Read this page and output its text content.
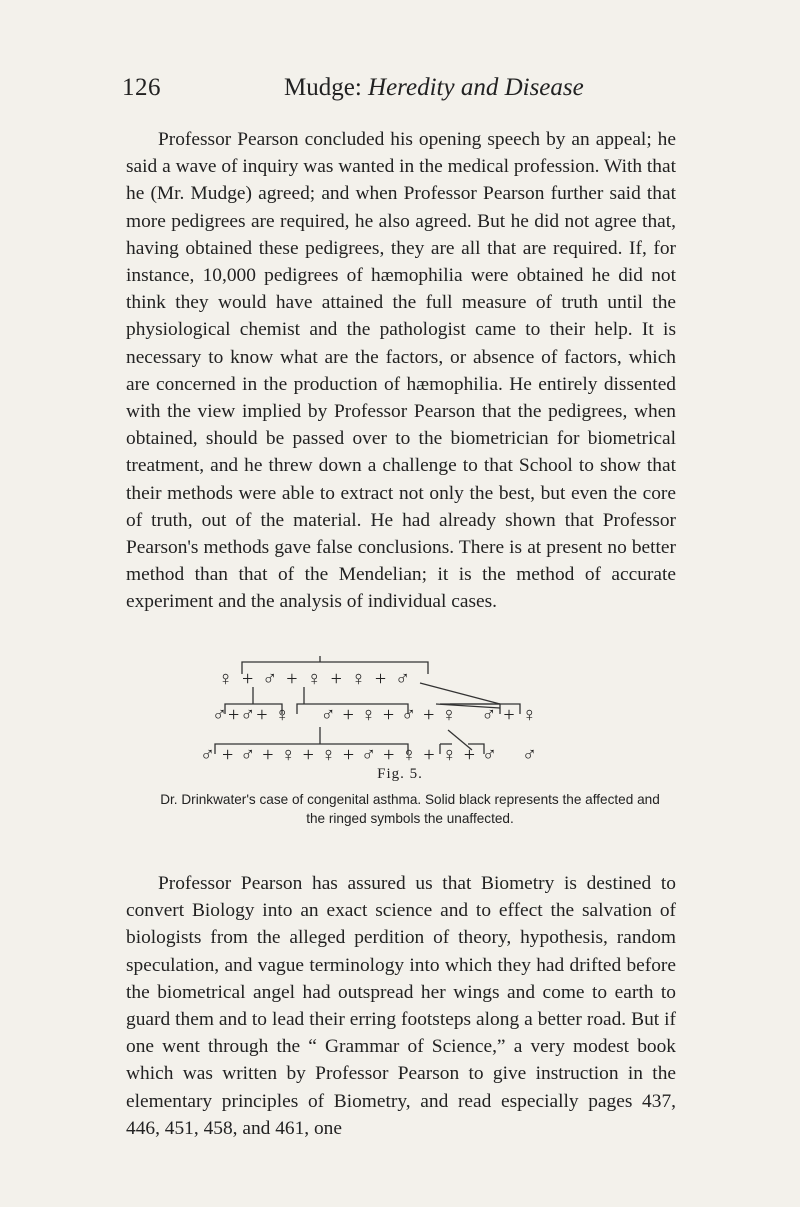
126	Mudge: Heredity and Disease

Professor Pearson concluded his opening speech by an appeal; he said a wave of inquiry was wanted in the medical profession. With that he (Mr. Mudge) agreed; and when Professor Pearson further said that more pedigrees are required, he also agreed. But he did not agree that, having obtained these pedigrees, they are all that are required. If, for instance, 10,000 pedigrees of hæmophilia were obtained he did not think they would have attained the full measure of truth until the physiological chemist and the pathologist came to their help. It is necessary to know what are the factors, or absence of factors, which are concerned in the production of hæmophilia. He entirely dissented with the view implied by Professor Pearson that the pedigrees, when obtained, should be passed over to the biometrician for biometrical treatment, and he threw down a challenge to that School to show that their methods were able to extract not only the best, but even the core of truth, out of the material. He had already shown that Professor Pearson's methods gave false conclusions. There is at present no better method than that of the Mendelian; it is the method of accurate experiment and the analysis of individual cases.

♀ + ♂ + ♀ + ♀ + ♂
♂+♂+ ♀ ♂ + ♀ + ♂ + ♀ ♂ + ♀
♂ + ♂ + ♀ + ♀ + ♂ + ♀ + ♀ + ♂ ♂
Fig. 5.
Dr. Drinkwater's case of congenital asthma. Solid black represents the affected and the ringed symbols the unaffected.

Professor Pearson has assured us that Biometry is destined to convert Biology into an exact science and to effect the salvation of biologists from the alleged perdition of theory, hypothesis, random speculation, and vague terminology into which they had drifted before the biometrical angel had outspread her wings and come to earth to guard them and to lead their erring footsteps along a better road. But if one went through the “ Grammar of Science,” a very modest book which was written by Professor Pearson to give instruction in the elementary principles of Biometry, and read especially pages 437, 446, 451, 458, and 461, one
